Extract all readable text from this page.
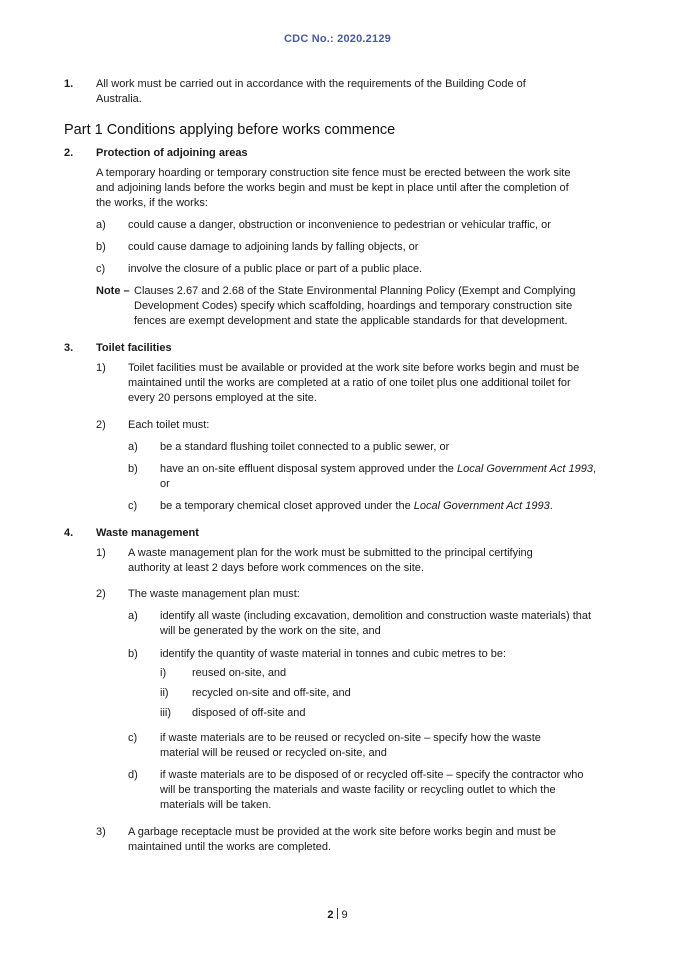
CDC No.: 2020.2129
1. All work must be carried out in accordance with the requirements of the Building Code of Australia.
Part 1 Conditions applying before works commence
2. Protection of adjoining areas
A temporary hoarding or temporary construction site fence must be erected between the work site and adjoining lands before the works begin and must be kept in place until after the completion of the works, if the works:
a) could cause a danger, obstruction or inconvenience to pedestrian or vehicular traffic, or
b) could cause damage to adjoining lands by falling objects, or
c) involve the closure of a public place or part of a public place.
Note – Clauses 2.67 and 2.68 of the State Environmental Planning Policy (Exempt and Complying Development Codes) specify which scaffolding, hoardings and temporary construction site fences are exempt development and state the applicable standards for that development.
3. Toilet facilities
1) Toilet facilities must be available or provided at the work site before works begin and must be maintained until the works are completed at a ratio of one toilet plus one additional toilet for every 20 persons employed at the site.
2) Each toilet must:
a) be a standard flushing toilet connected to a public sewer, or
b) have an on-site effluent disposal system approved under the Local Government Act 1993, or
c) be a temporary chemical closet approved under the Local Government Act 1993.
4. Waste management
1) A waste management plan for the work must be submitted to the principal certifying authority at least 2 days before work commences on the site.
2) The waste management plan must:
a) identify all waste (including excavation, demolition and construction waste materials) that will be generated by the work on the site, and
b) identify the quantity of waste material in tonnes and cubic metres to be:
i) reused on-site, and
ii) recycled on-site and off-site, and
iii) disposed of off-site and
c) if waste materials are to be reused or recycled on-site – specify how the waste material will be reused or recycled on-site, and
d) if waste materials are to be disposed of or recycled off-site – specify the contractor who will be transporting the materials and waste facility or recycling outlet to which the materials will be taken.
3) A garbage receptacle must be provided at the work site before works begin and must be maintained until the works are completed.
2 9
